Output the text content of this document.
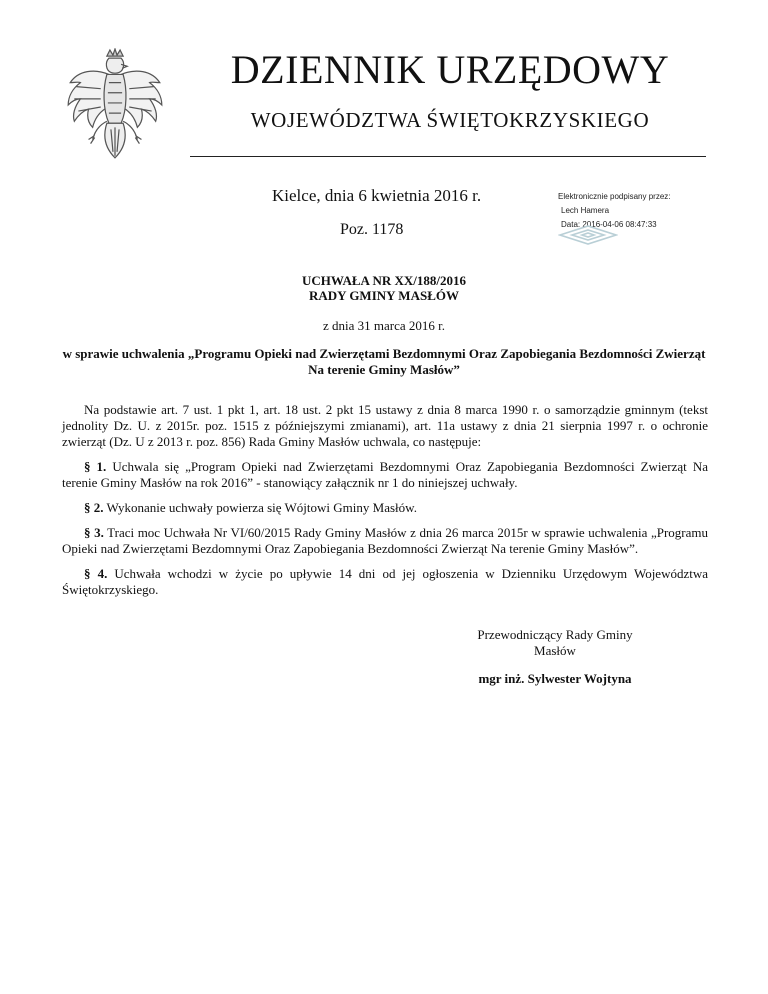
DZIENNIK URZĘDOWY
WOJEWÓDZTWA ŚWIĘTOKRZYSKIEGO
Kielce, dnia 6 kwietnia 2016 r.
Poz. 1178
Elektronicznie podpisany przez:
Lech Hamera
Data: 2016-04-06 08:47:33
UCHWAŁA NR XX/188/2016
RADY GMINY MASŁÓW
z dnia 31 marca 2016 r.
w sprawie uchwalenia „Programu Opieki nad Zwierzętami Bezdomnymi Oraz Zapobiegania Bezdomności Zwierząt Na terenie Gminy Masłów”

Na podstawie art. 7 ust. 1 pkt 1, art. 18 ust. 2 pkt 15 ustawy z dnia 8 marca 1990 r. o samorządzie gminnym (tekst jednolity Dz. U. z 2015r. poz. 1515 z późniejszymi zmianami), art. 11a ustawy z dnia 21 sierpnia 1997 r. o ochronie zwierząt (Dz. U z 2013 r. poz. 856) Rada Gminy Masłów uchwala, co następuje:

§ 1. Uchwala się „Program Opieki nad Zwierzętami Bezdomnymi Oraz Zapobiegania Bezdomności Zwierząt Na terenie Gminy Masłów na rok 2016” - stanowiący załącznik nr 1 do niniejszej uchwały.

§ 2. Wykonanie uchwały powierza się Wójtowi Gminy Masłów.

§ 3. Traci moc Uchwała Nr VI/60/2015 Rady Gminy Masłów z dnia 26 marca 2015r w sprawie uchwalenia „Programu Opieki nad Zwierzętami Bezdomnymi Oraz Zapobiegania Bezdomności Zwierząt Na terenie Gminy Masłów”.

§ 4. Uchwała wchodzi w życie po upływie 14 dni od jej ogłoszenia w Dzienniku Urzędowym Województwa Świętokrzyskiego.

Przewodniczący Rady Gminy
Masłów
mgr inż. Sylwester Wojtyna
